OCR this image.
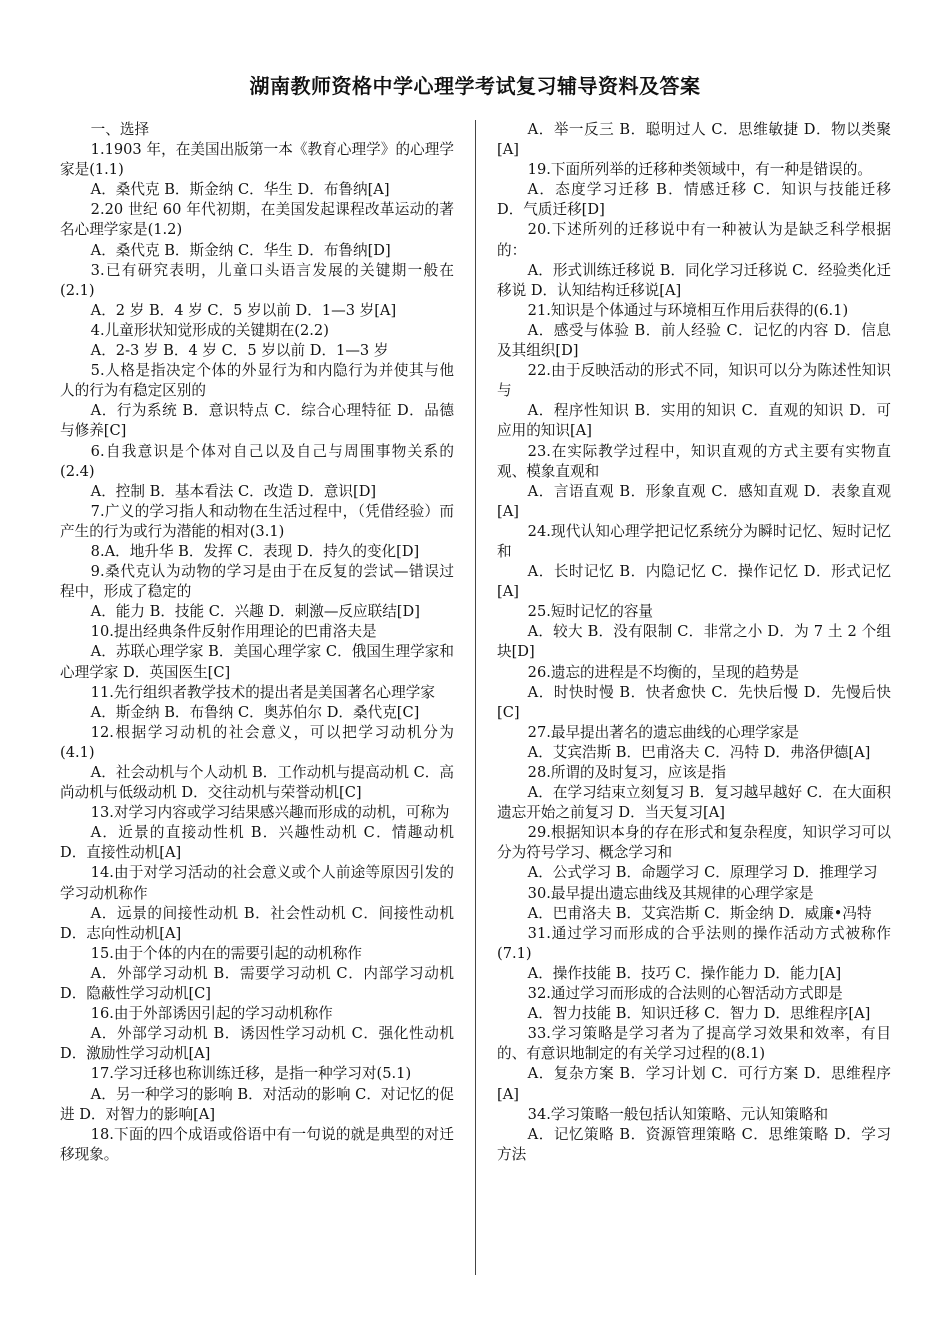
湖南教师资格中学心理学考试复习辅导资料及答案

一、选择

1.1903 年，在美国出版第一本《教育心理学》的心理学家是(1.1)

A．桑代克 B．斯金纳 C．华生 D．布鲁纳[A]

2.20 世纪 60 年代初期，在美国发起课程改革运动的著名心理学家是(1.2)

A．桑代克 B．斯金纳 C．华生 D．布鲁纳[D]

3.已有研究表明，儿童口头语言发展的关键期一般在(2.1)

A．2 岁 B．4 岁 C．5 岁以前 D．1—3 岁[A]

4.儿童形状知觉形成的关键期在(2.2)

A．2-3 岁 B．4 岁 C．5 岁以前 D．1—3 岁

5.人格是指决定个体的外显行为和内隐行为并使其与他人的行为有稳定区别的

A．行为系统 B．意识特点 C．综合心理特征 D．品德与修养[C]

6.自我意识是个体对自己以及自己与周围事物关系的(2.4)

A．控制 B．基本看法 C．改造 D．意识[D]

7.广义的学习指人和动物在生活过程中，（凭借经验）而产生的行为或行为潜能的相对(3.1)

8.A．地升华 B．发挥 C．表现 D．持久的变化[D]

9.桑代克认为动物的学习是由于在反复的尝试—错误过程中，形成了稳定的

A．能力 B．技能 C．兴趣 D．刺激—反应联结[D]

10.提出经典条件反射作用理论的巴甫洛夫是

A．苏联心理学家 B．美国心理学家 C．俄国生理学家和心理学家 D．英国医生[C]

11.先行组织者教学技术的提出者是美国著名心理学家

A．斯金纳 B．布鲁纳 C．奥苏伯尔 D．桑代克[C]

12.根据学习动机的社会意义，可以把学习动机分为(4.1)

A．社会动机与个人动机 B．工作动机与提高动机 C．高尚动机与低级动机 D．交往动机与荣誉动机[C]

13.对学习内容或学习结果感兴趣而形成的动机，可称为

A．近景的直接动性机 B．兴趣性动机 C．情趣动机 D．直接性动机[A]

14.由于对学习活动的社会意义或个人前途等原因引发的学习动机称作

A．远景的间接性动机 B．社会性动机 C．间接性动机 D．志向性动机[A]

15.由于个体的内在的需要引起的动机称作

A．外部学习动机 B．需要学习动机 C．内部学习动机 D．隐蔽性学习动机[C]

16.由于外部诱因引起的学习动机称作

A．外部学习动机 B．诱因性学习动机 C．强化性动机 D．激励性学习动机[A]

17.学习迁移也称训练迁移，是指一种学习对(5.1)

A．另一种学习的影响 B．对活动的影响 C．对记忆的促进 D．对智力的影响[A]

18.下面的四个成语或俗语中有一句说的就是典型的对迁移现象。

A．举一反三 B．聪明过人 C．思维敏捷 D．物以类聚[A]

19.下面所列举的迁移种类领域中，有一种是错误的。

A．态度学习迁移 B．情感迁移 C．知识与技能迁移 D．气质迁移[D]

20.下述所列的迁移说中有一种被认为是缺乏科学根据的：

A．形式训练迁移说 B．同化学习迁移说 C．经验类化迁移说 D．认知结构迁移说[A]

21.知识是个体通过与环境相互作用后获得的(6.1)

A．感受与体验 B．前人经验 C．记忆的内容 D．信息及其组织[D]

22.由于反映活动的形式不同，知识可以分为陈述性知识与

A．程序性知识 B．实用的知识 C．直观的知识 D．可应用的知识[A]

23.在实际教学过程中，知识直观的方式主要有实物直观、模象直观和

A．言语直观 B．形象直观 C．感知直观 D．表象直观[A]

24.现代认知心理学把记忆系统分为瞬时记忆、短时记忆和

A．长时记忆 B．内隐记忆 C．操作记忆 D．形式记忆[A]

25.短时记忆的容量

A．较大 B．没有限制 C．非常之小 D．为 7 土 2 个组块[D]

26.遗忘的进程是不均衡的，呈现的趋势是

A．时快时慢 B．快者愈快 C．先快后慢 D．先慢后快[C]

27.最早提出著名的遗忘曲线的心理学家是

A．艾宾浩斯 B．巴甫洛夫 C．冯特 D．弗洛伊德[A]

28.所谓的及时复习，应该是指

A．在学习结束立刻复习 B．复习越早越好 C．在大面积遗忘开始之前复习 D．当天复习[A]

29.根据知识本身的存在形式和复杂程度，知识学习可以分为符号学习、概念学习和

A．公式学习 B．命题学习 C．原理学习 D．推理学习

30.最早提出遗忘曲线及其规律的心理学家是

A．巴甫洛夫 B．艾宾浩斯 C．斯金纳 D．威廉•冯特

31.通过学习而形成的合乎法则的操作活动方式被称作(7.1)

A．操作技能 B．技巧 C．操作能力 D．能力[A]

32.通过学习而形成的合法则的心智活动方式即是

A．智力技能 B．知识迁移 C．智力 D．思维程序[A]

33.学习策略是学习者为了提高学习效果和效率，有目的、有意识地制定的有关学习过程的(8.1)

A．复杂方案 B．学习计划 C．可行方案 D．思维程序[A]

34.学习策略一般包括认知策略、元认知策略和

A．记忆策略 B．资源管理策略 C．思维策略 D．学习方法
